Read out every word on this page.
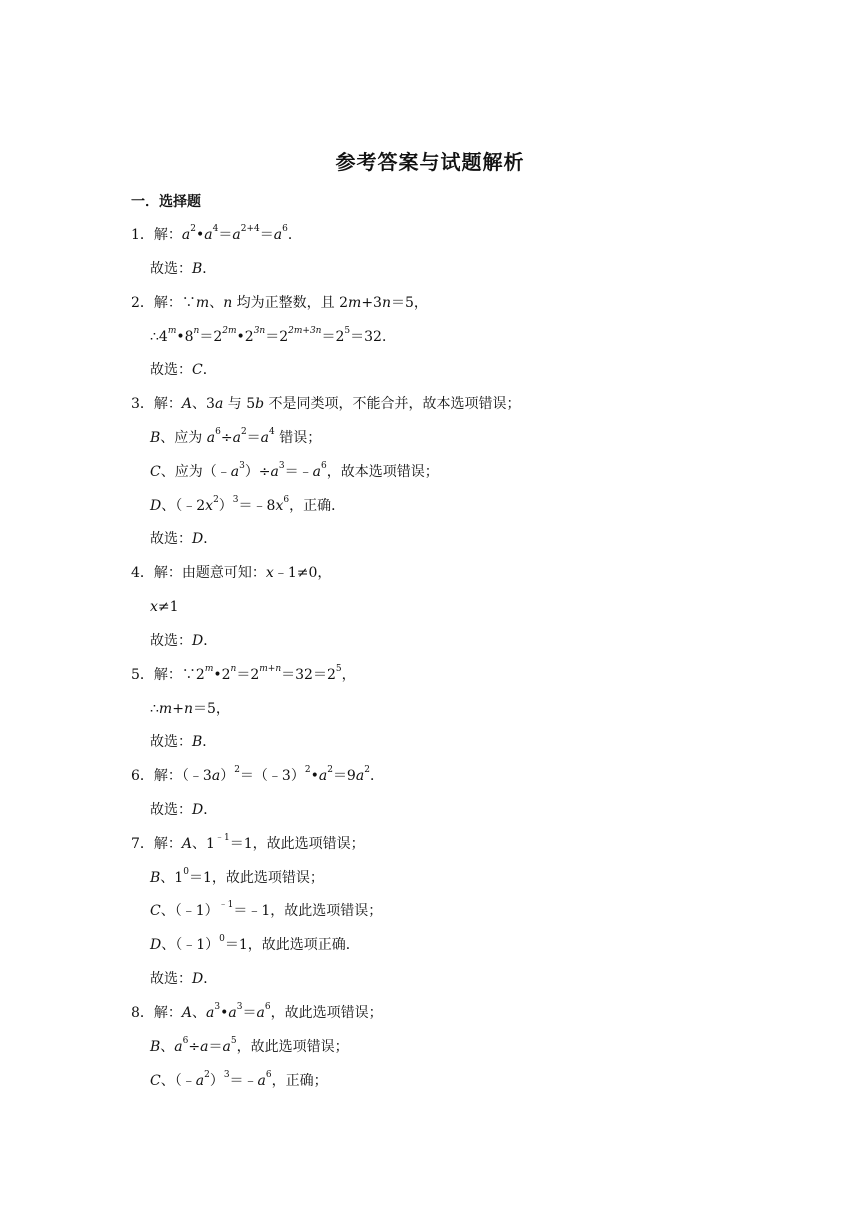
参考答案与试题解析
一．选择题
1．解：$a^2•a^4=a^{2+4}=a^6$．
故选：B．
2．解：∵m、n 均为正整数，且 2m+3n＝5，
$\therefore 4^m•8^n=2^{2m}•2^{3n}=2^{2m+3n}=2^5=32$．
故选：C．
3．解：A、3a 与 5b 不是同类项，不能合并，故本选项错误；
B、应为 $a^6\div a^2=a^4$ 错误；
C、应为$(﹣a^3)\div a^3=﹣a^6$，故本选项错误；
D、$(﹣2x^2)^3=﹣8x^6$，正确．
故选：D．
4．解：由题意可知：x﹣1≠0，
x≠1
故选：D．
5．解：$\because 2^m•2^n=2^{m+n}=32=2^5$，
∴m+n＝5，
故选：B．
6．解：$(﹣3a)^2=(﹣3)^2•a^2=9a^2$．
故选：D．
7．解：A、$1^{﹣1}=1$，故此选项错误；
B、$1^0=1$，故此选项错误；
C、（﹣1）$^{﹣1}$＝﹣1，故此选项错误；
D、（﹣1）$^0$＝1，故此选项正确．
故选：D．
8．解：A、$a^3•a^3=a^6$，故此选项错误；
B、$a^6\div a=a^5$，故此选项错误；
C、$(﹣a^2)^3=﹣a^6$，正确；
